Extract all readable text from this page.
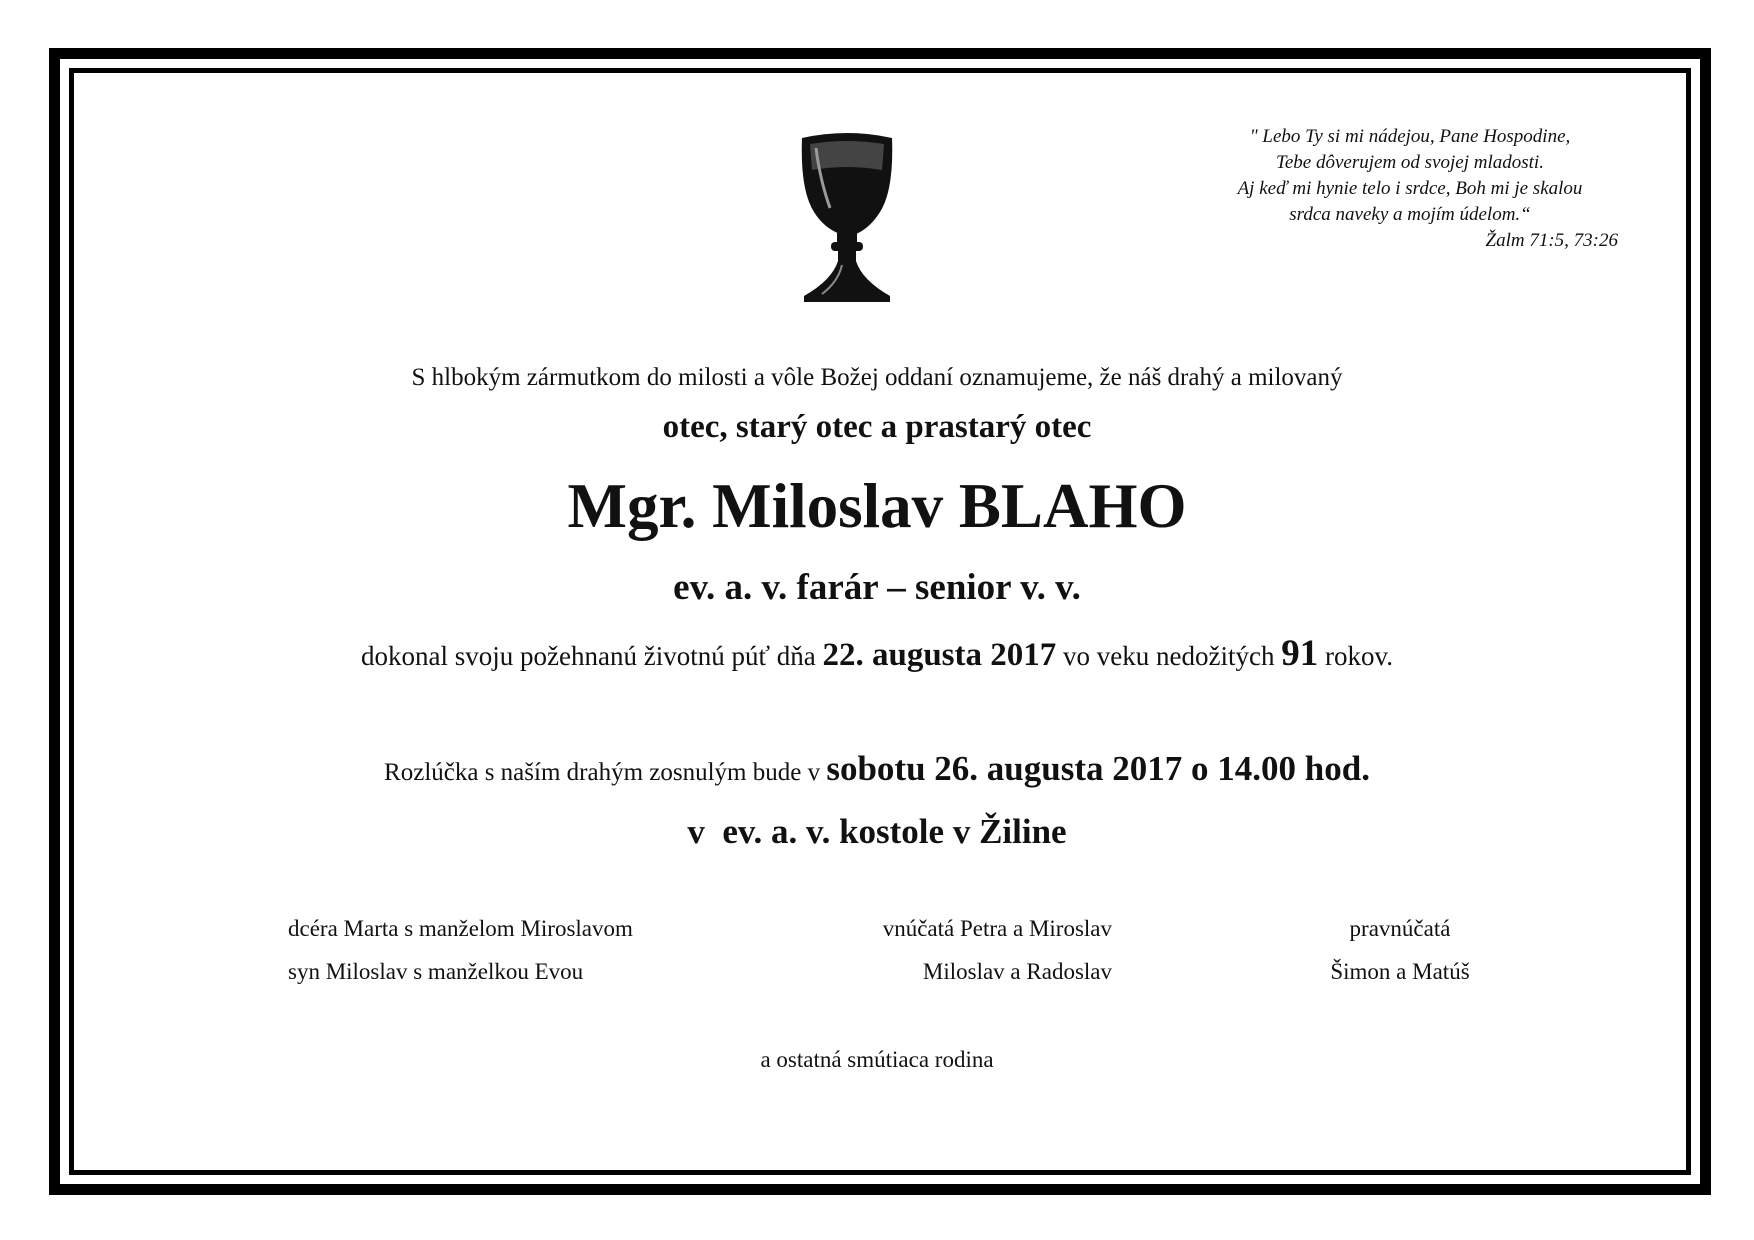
" Lebo Ty si mi nádejou, Pane Hospodine,
Tebe dôverujem od svojej mladosti.
Aj keď mi hynie telo i srdce, Boh mi je skalou
srdca naveky a mojím údelom.“
Žalm 71:5, 73:26
S hlbokým zármutkom do milosti a vôle Božej oddaní oznamujeme, že náš drahý a milovaný
otec, starý otec a prastarý otec
Mgr. Miloslav BLAHO
ev. a. v. farár – senior v. v.
dokonal svoju požehnanú životnú púť dňa 22. augusta 2017 vo veku nedožitých 91 rokov.
Rozlúčka s naším drahým zosnulým bude v sobotu 26. augusta 2017 o 14.00 hod.
v  ev. a. v. kostole v Žiline
dcéra Marta s manželom Miroslavom
syn Miloslav s manželkou Evou
vnúčatá Petra a Miroslav
Miloslav a Radoslav
pravnúčatá
Šimon a Matúš
a ostatná smútiaca rodina
